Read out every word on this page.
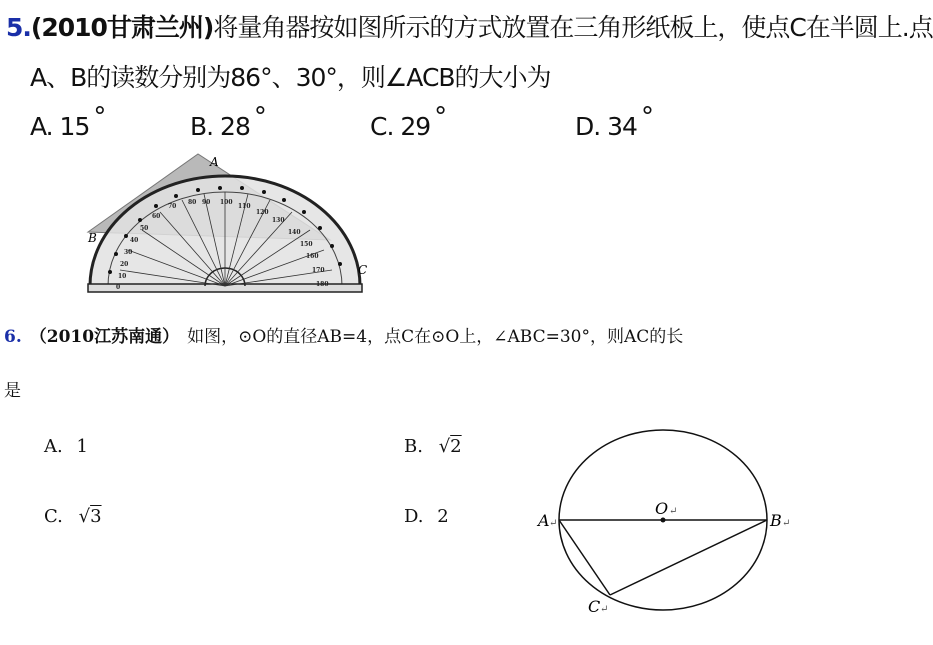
5.(2010甘肃兰州)将量角器按如图所示的方式放置在三角形纸板上，使点C在半圆上.点
A、B的读数分别为86°、30°，则∠ACB的大小为
A. 15 °	B. 28 °	C. 29 °	D. 34 °
80 90 100
110
120
130
140
150
160
170
180
70
60
50
40
30
20
10
0
A
B
C
6. （2010江苏南通） 如图，⊙O的直径AB=4，点C在⊙O上，∠ABC=30°，则AC的长
是
A. 1	B. √2
C. √3	D. 2	A ↵	B ↵
O ↵
C ↵
